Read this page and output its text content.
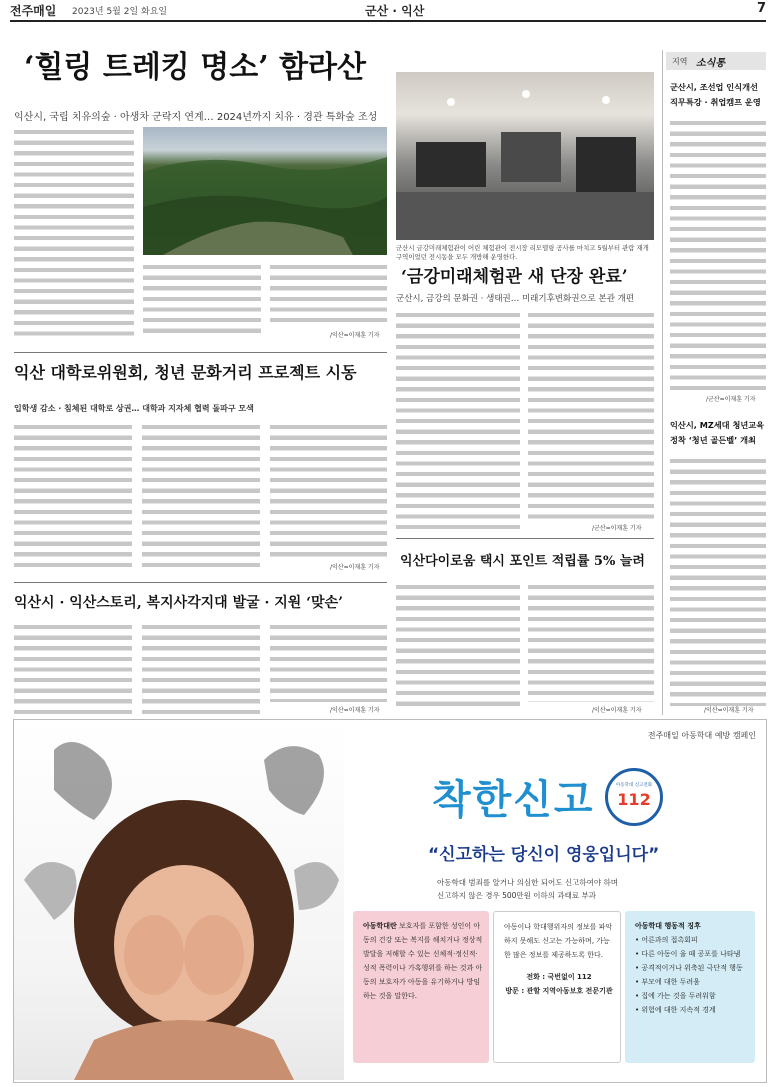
전주매일 2023년 5월 2일 화요일	군산 · 익산	7
‘힐링 트레킹 명소’ 함라산
익산시, 국립 치유의숲 · 아생차 군락지 연계… 2024년까지 치유 · 경관 특화숲 조성
/익산=이재훈 기자
군산시 금강미래체험관이 어린 체험관이 전시장 리모델링 공사를 마치고 5월부터 관람 재개 구역이었던 전시동을 모두 개방해 운영한다.
‘금강미래체험관 새 단장 완료’
군산시, 금강의 문화권 · 생태권… 미래기후변화권으로 본관 개편
/군산=이재훈 기자
지역 소식통
군산시, 조선업 인식개선 직무특강 · 취업캠프 운영
/군산=이재훈 기자
익산시, MZ세대 청년교육 정착 ‘청년 골든벨’ 개최
/익산=이재훈 기자
익산 대학로위원회, 청년 문화거리 프로젝트 시동
입학생 감소 · 침체된 대학로 상권… 대학과 지자체 협력 돌파구 모색
/익산=이재훈 기자 익산다이로움 택시 포인트 적립률 5% 늘려
/익산=이재훈 기자
익산시 · 익산스토리, 복지사각지대 발굴 · 지원 ‘맞손’
/익산=이재훈 기자
전주매일 아동학대 예방 캠페인
착한신고	아동학대 신고전화
112
“신고하는 당신이 영웅입니다”
아동학대 범죄를 알거나 의심한 되어도 신고하여야 하며
신고하지 않은 경우 500만원 이하의 과태료 부과
아동학대란 보호자를 포함한 성인이 아동의 건강 또는 복지를 해치거나 정상적 발달을 저해할 수 있는 신체적·정신적·성적 폭력이나 가혹행위를 하는 것과 아동의 보호자가 아동을 유기하거나 방임하는 것을 말한다.
아동이나 학대행위자의 정보를 파악하지 못해도 신고는 가능하며, 가능한 많은 정보를 제공하도록 한다.
전화 : 국번없이 112
방문 : 관할 지역아동보호 전문기관
아동학대 행동적 징후
• 어른과의 접촉회피
• 다른 아동이 울 때 공포를 나타냄
• 공격적이거나 위축된 극단적 행동
• 부모에 대한 두려움
• 집에 가는 것을 두려워함
• 위험에 대한 지속적 경계
